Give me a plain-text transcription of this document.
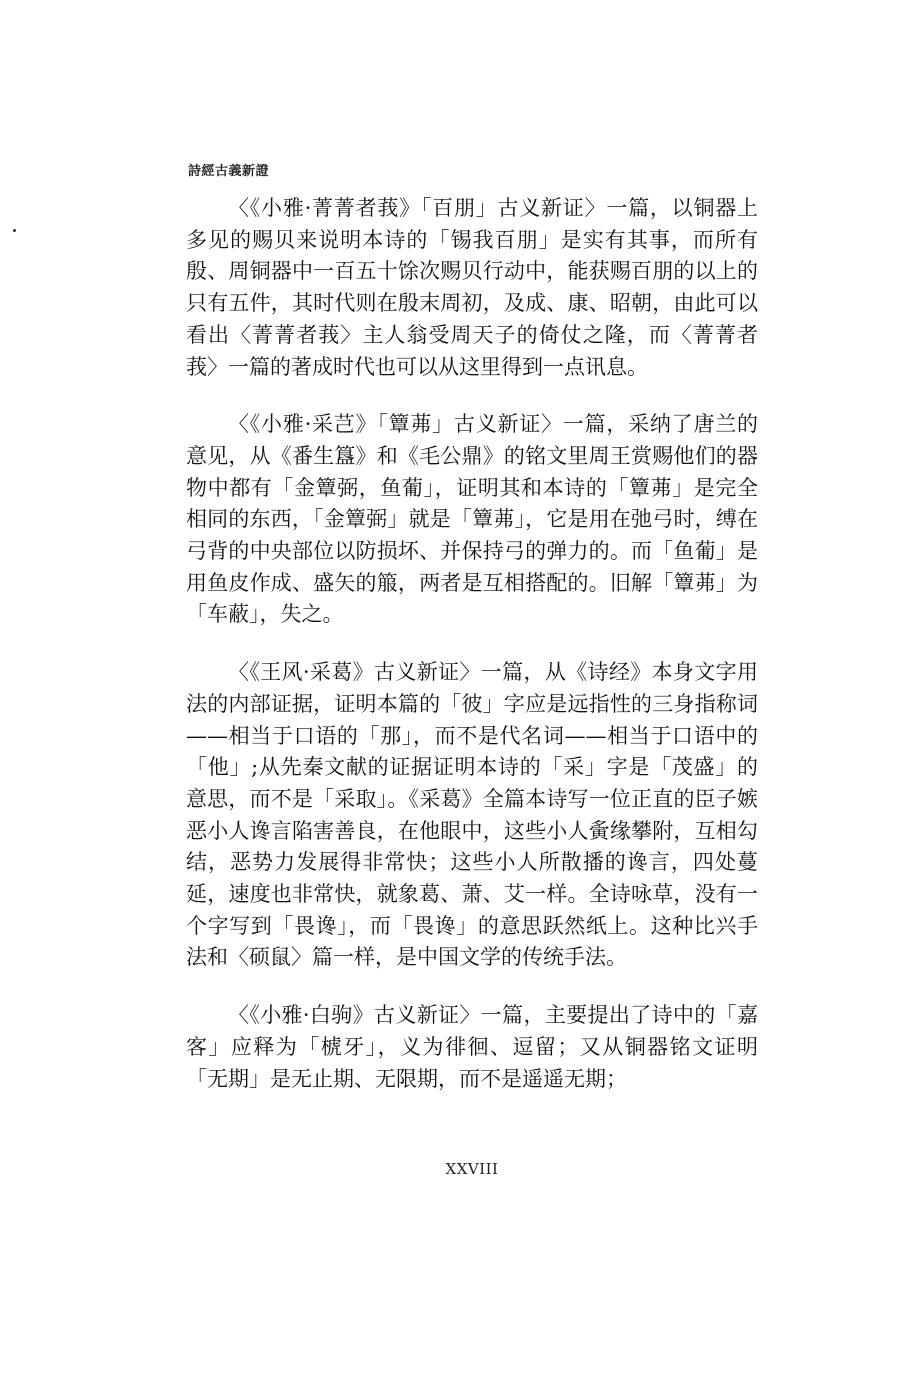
詩經古義新證

〈《小雅·菁菁者莪》「百朋」古义新证〉一篇，以铜器上多见的赐贝来说明本诗的「锡我百朋」是实有其事，而所有殷、周铜器中一百五十馀次赐贝行动中，能获赐百朋的以上的只有五件，其时代则在殷末周初，及成、康、昭朝，由此可以看出〈菁菁者莪〉主人翁受周天子的倚仗之隆，而〈菁菁者莪〉一篇的著成时代也可以从这里得到一点讯息。

〈《小雅·采芑》「簟茀」古义新证〉一篇，采纳了唐兰的意见，从《番生簋》和《毛公鼎》的铭文里周王赏赐他们的器物中都有「金簟弼，鱼葡」，证明其和本诗的「簟茀」是完全相同的东西，「金簟弼」就是「簟茀」，它是用在弛弓时，缚在弓背的中央部位以防损坏、并保持弓的弹力的。而「鱼葡」是用鱼皮作成、盛矢的箙，两者是互相搭配的。旧解「簟茀」为「车蔽」，失之。

〈《王风·采葛》古义新证〉一篇，从《诗经》本身文字用法的内部证据，证明本篇的「彼」字应是远指性的三身指称词——相当于口语的「那」，而不是代名词——相当于口语中的「他」;从先秦文献的证据证明本诗的「采」字是「茂盛」的意思，而不是「采取」。《采葛》全篇本诗写一位正直的臣子嫉恶小人谗言陷害善良，在他眼中，这些小人夤缘攀附，互相勾结，恶势力发展得非常快；这些小人所散播的谗言，四处蔓延，速度也非常快，就象葛、萧、艾一样。全诗咏草，没有一个字写到「畏谗」，而「畏谗」的意思跃然纸上。这种比兴手法和〈硕鼠〉篇一样，是中国文学的传统手法。

〈《小雅·白驹》古义新证〉一篇，主要提出了诗中的「嘉客」应释为「椃牙」，义为徘徊、逗留；又从铜器铭文证明「无期」是无止期、无限期，而不是遥遥无期；

XXVIII
